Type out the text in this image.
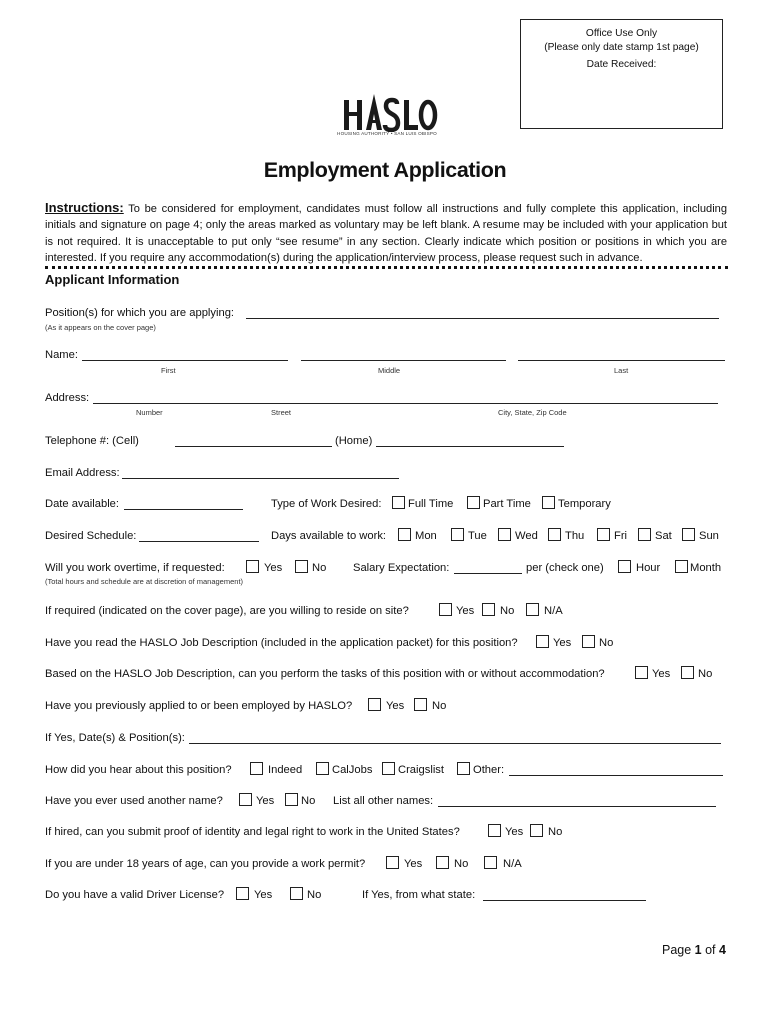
Office Use Only
(Please only date stamp 1st page)
Date Received:
HOUSING AUTHORITY • SAN LUIS OBISPO
Employment Application
Instructions: To be considered for employment, candidates must follow all instructions and fully complete this application, including initials and signature on page 4; only the areas marked as voluntary may be left blank. A resume may be included with your application but is not required. It is unacceptable to put only “see resume” in any section. Clearly indicate which position or positions in which you are interested. If you require any accommodation(s) during the application/interview process, please request such in advance.
Applicant Information
Position(s) for which you are applying:
(As it appears on the cover page)
Name:
First	Middle	Last
Address:
Number	Street	City, State, Zip Code
Telephone #: (Cell)	(Home)
Email Address:
Date available:	Type of Work Desired: Full Time	Part Time Temporary
Desired Schedule:	Days available to work:	Mon	Tue	Wed Thu	Fri Sat Sun
Will you work overtime, if requested:	Yes	No
(Total hours and schedule are at discretion of management)
Salary Expectation:	per (check one)	Hour	Month
If required (indicated on the cover page), are you willing to reside on site?	Yes No	N/A
Have you read the HASLO Job Description (included in the application packet) for this position?	Yes No
Based on the HASLO Job Description, can you perform the tasks of this position with or without accommodation?	Yes No
Have you previously applied to or been employed by HASLO?	Yes No
If Yes, Date(s) & Position(s):
How did you hear about this position?	Indeed	CalJobs Craigslist	Other:
Have you ever used another name?	Yes No List all other names:
If hired, can you submit proof of identity and legal right to work in the United States?	Yes No
If you are under 18 years of age, can you provide a work permit?	Yes	No	N/A
Do you have a valid Driver License?	Yes	No	If Yes, from what state:
Page 1 of 4
